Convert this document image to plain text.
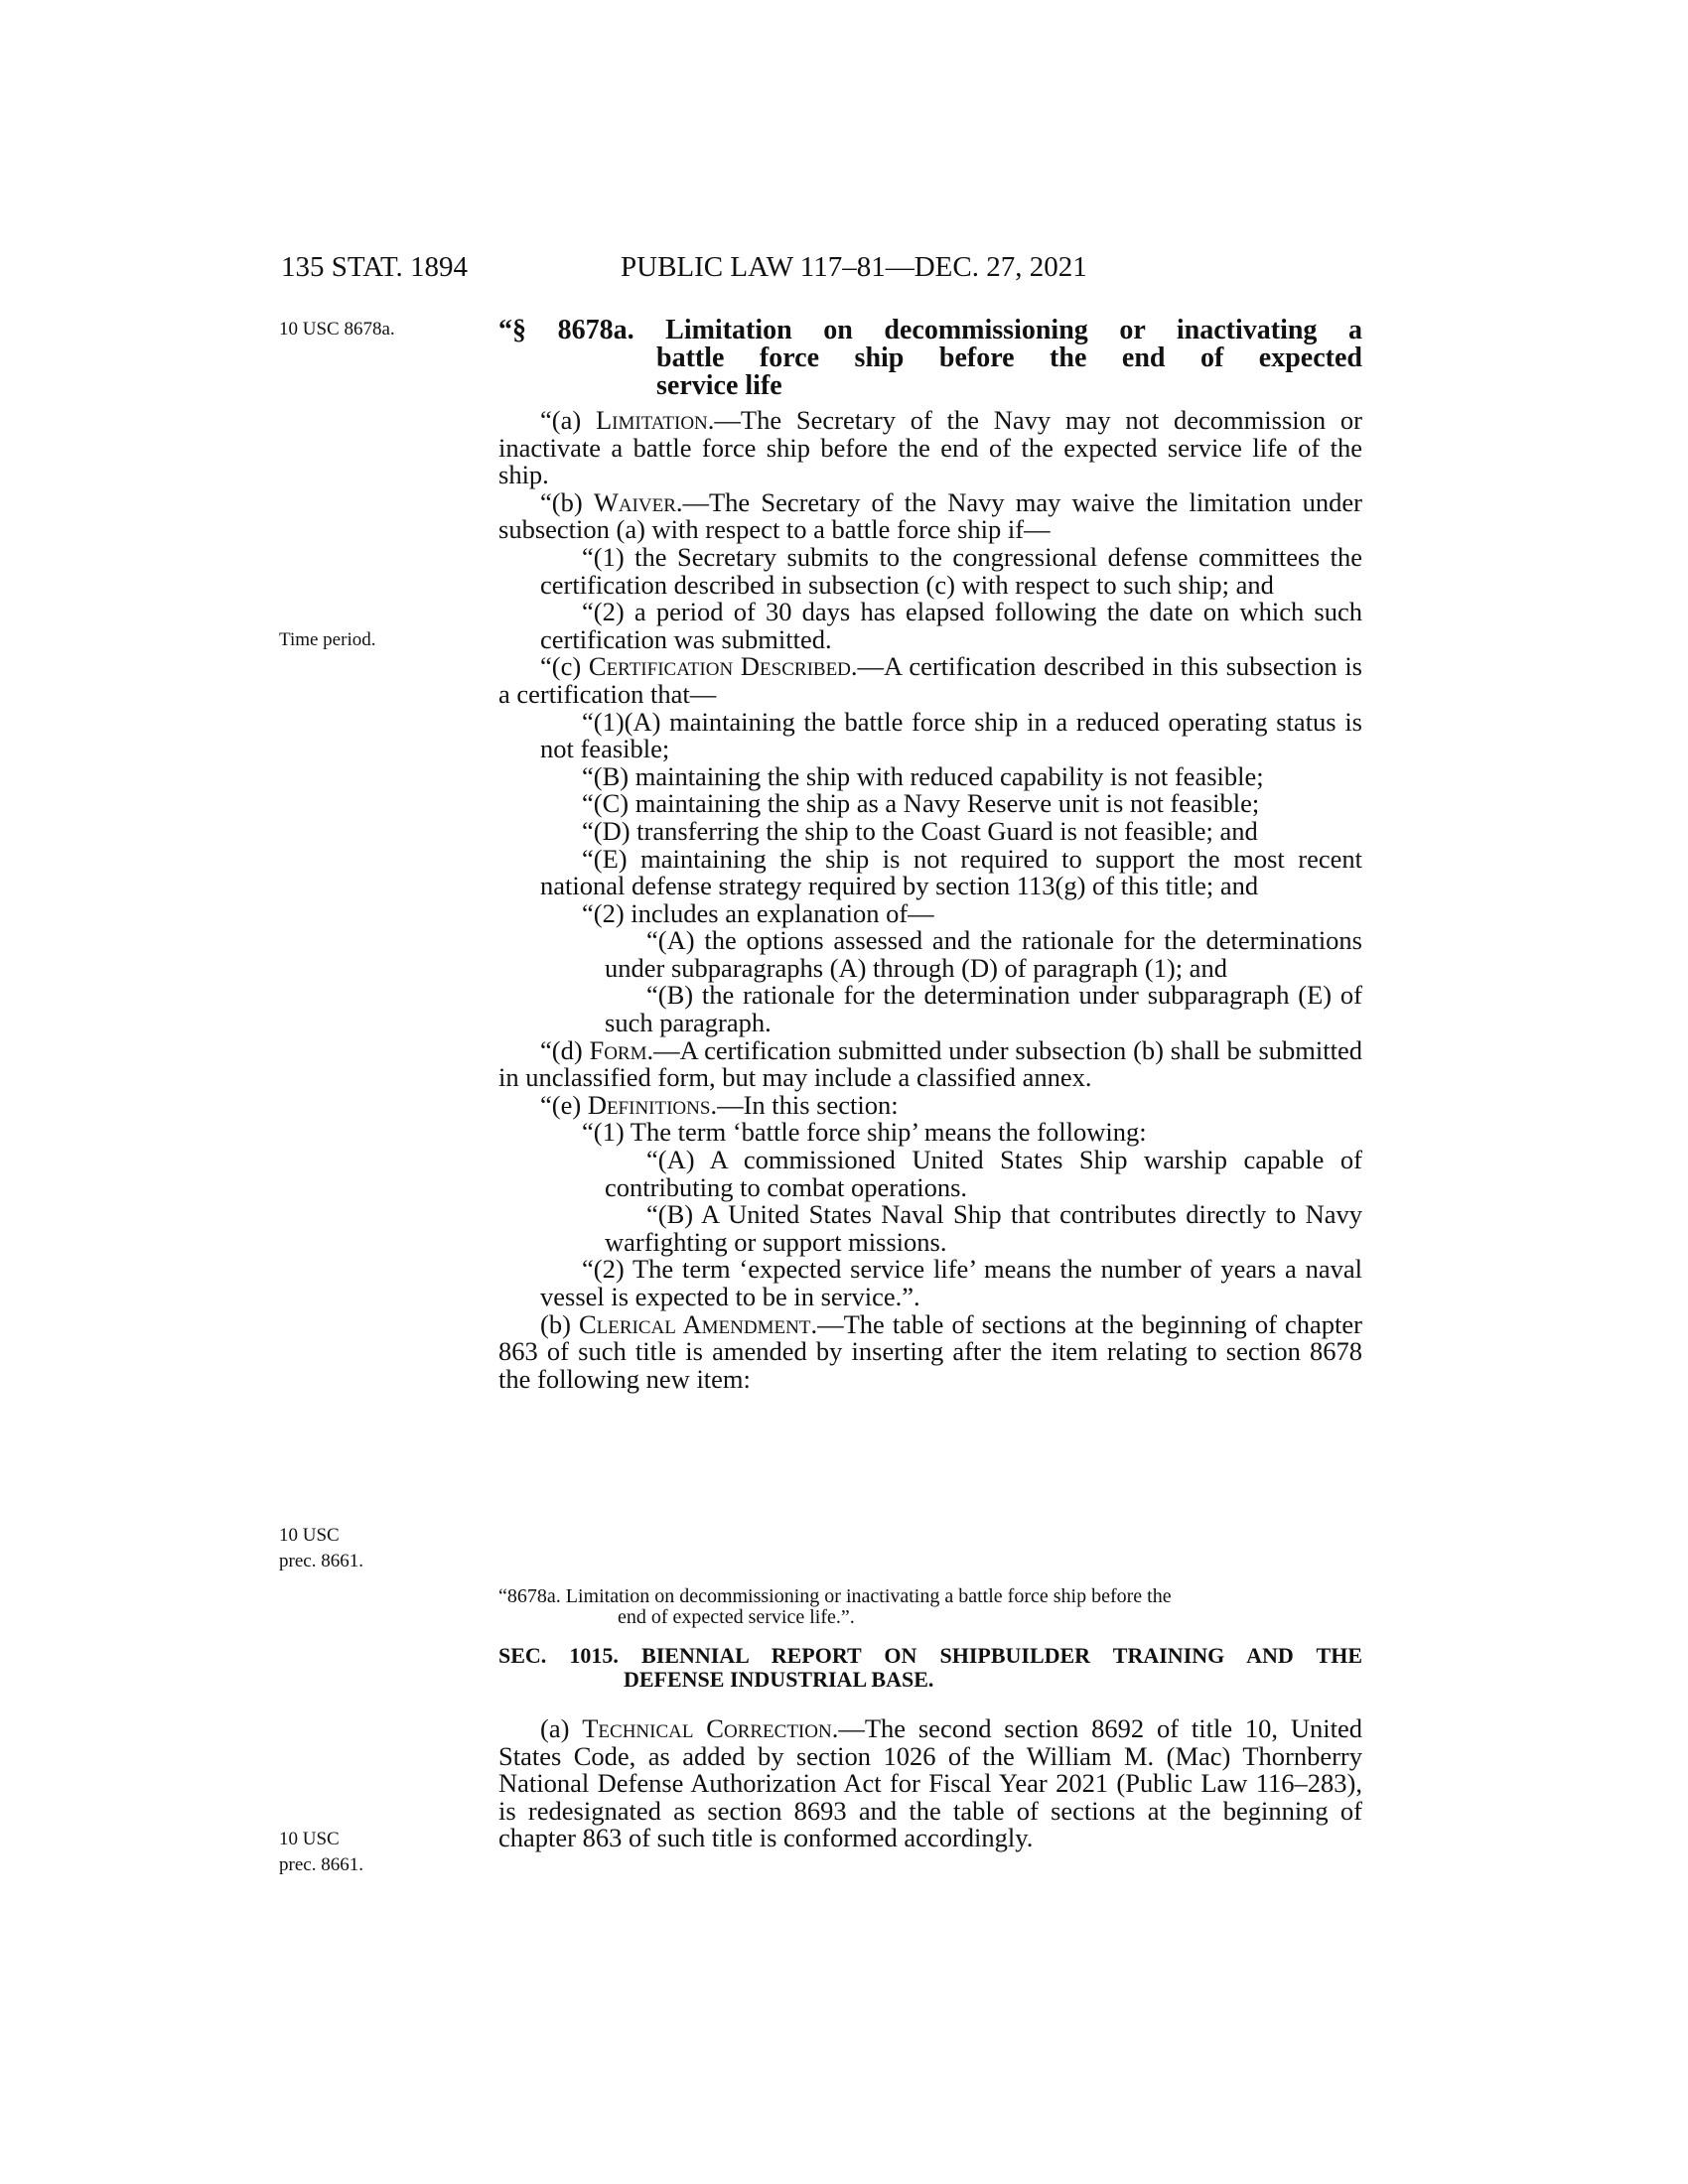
135 STAT. 1894	PUBLIC LAW 117–81—DEC. 27, 2021
10 USC 8678a.
Time period.
10 USC
prec. 8661.
10 USC
prec. 8661.

“§ 8678a. Limitation on decommissioning or inactivating a

battle force ship before the end of expected

service life

“(a) Limitation.—The Secretary of the Navy may not decommission or inactivate a battle force ship before the end of the expected service life of the ship.

“(b) Waiver.—The Secretary of the Navy may waive the limitation under subsection (a) with respect to a battle force ship if—

“(1) the Secretary submits to the congressional defense committees the certification described in subsection (c) with respect to such ship; and

“(2) a period of 30 days has elapsed following the date on which such certification was submitted.

“(c) Certification Described.—A certification described in this subsection is a certification that—

“(1)(A) maintaining the battle force ship in a reduced operating status is not feasible;

“(B) maintaining the ship with reduced capability is not feasible;

“(C) maintaining the ship as a Navy Reserve unit is not feasible;

“(D) transferring the ship to the Coast Guard is not feasible; and

“(E) maintaining the ship is not required to support the most recent national defense strategy required by section 113(g) of this title; and

“(2) includes an explanation of—

“(A) the options assessed and the rationale for the determinations under subparagraphs (A) through (D) of paragraph (1); and

“(B) the rationale for the determination under subparagraph (E) of such paragraph.

“(d) Form.—A certification submitted under subsection (b) shall be submitted in unclassified form, but may include a classified annex.

“(e) Definitions.—In this section:

“(1) The term ‘battle force ship’ means the following:

“(A) A commissioned United States Ship warship capable of contributing to combat operations.

“(B) A United States Naval Ship that contributes directly to Navy warfighting or support missions.

“(2) The term ‘expected service life’ means the number of years a naval vessel is expected to be in service.”.

(b) Clerical Amendment.—The table of sections at the beginning of chapter 863 of such title is amended by inserting after the item relating to section 8678 the following new item:

“8678a. Limitation on decommissioning or inactivating a battle force ship before the

end of expected service life.”.

SEC. 1015. BIENNIAL REPORT ON SHIPBUILDER TRAINING AND THE

DEFENSE INDUSTRIAL BASE.

(a) Technical Correction.—The second section 8692 of title 10, United States Code, as added by section 1026 of the William M. (Mac) Thornberry National Defense Authorization Act for Fiscal Year 2021 (Public Law 116–283), is redesignated as section 8693 and the table of sections at the beginning of chapter 863 of such title is conformed accordingly.
